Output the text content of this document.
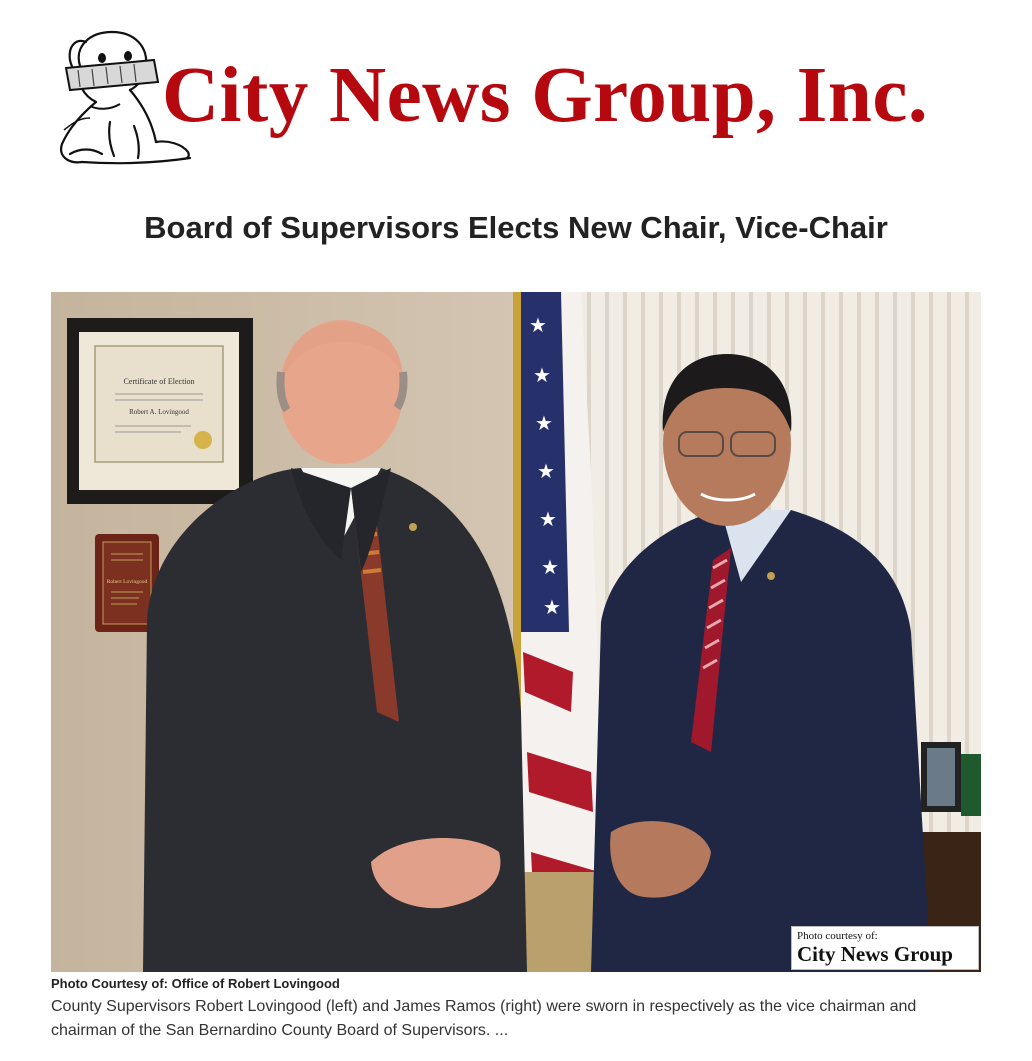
City News Group, Inc.
Board of Supervisors Elects New Chair, Vice-Chair
Certificate of Election
Robert A. Lovingood
Robert Lovingood
★
★
★
★
★
★
★
Photo courtesy of:
City News Group

Photo Courtesy of: Office of Robert Lovingood

County Supervisors Robert Lovingood (left) and James Ramos (right) were sworn in respectively as the vice chairman and chairman of the San Bernardino County Board of Supervisors. ...
